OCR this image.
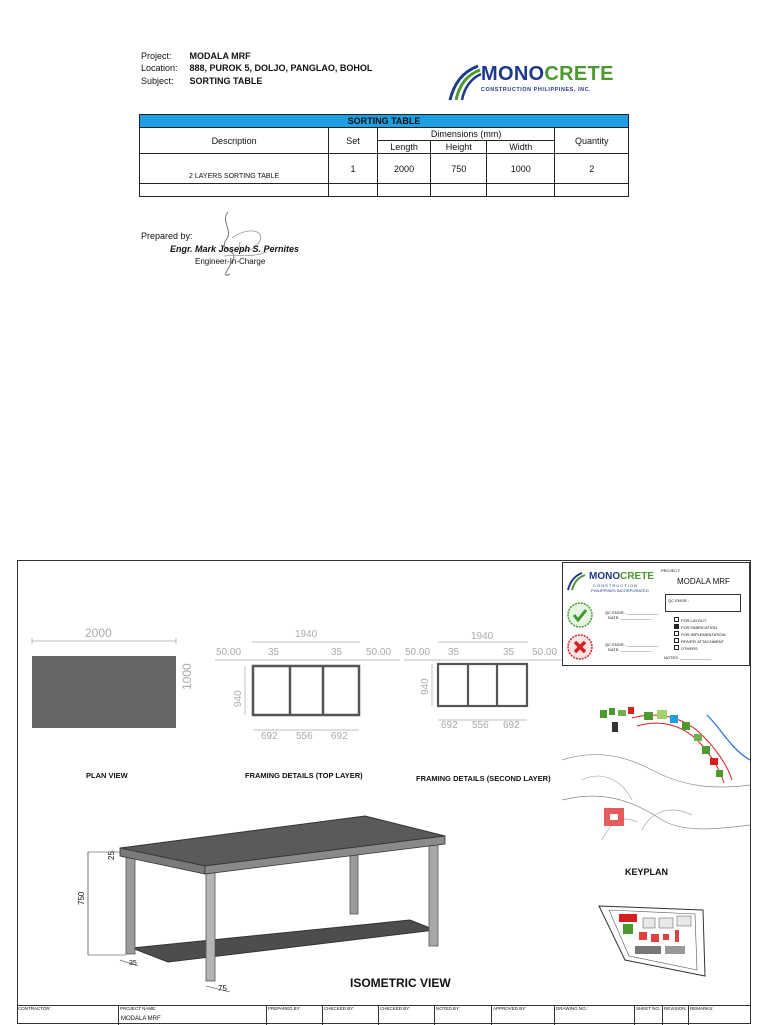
Project: MODALA MRF
Location: 888, PUROK 5, DOLJO, PANGLAO, BOHOL
Subject: SORTING TABLE	MONOCRETE
CONSTRUCTION PHILIPPINES, INC.
SORTING TABLE					
Description	Set	Dimensions (mm)			Quantity
		Length	Height	Width	
2 LAYERS SORTING TABLE	1	2000	750	1000	2

Prepared by:
Engr. Mark Joseph S. Pernites
Engineer-In-Charge
2000
1000
PLAN VIEW
1940
50.00	35	35 50.00
940
692 556 692
FRAMING DETAILS (TOP LAYER)
1940
50.00 35	35 50.00
940
692 556 692
FRAMING DETAILS (SECOND LAYER)
750
25
35
75	ISOMETRIC VIEW
MONOCRETE
C O N S T R U C T I O N
PHILIPPINES INCORPORATED
PROJECT:
MODALA MRF
QC ENGR.:
QC ENGR.: ______________
DATE: ______________
QC ENGR.: ______________
DATE: ______________
FOR LAYOUT
FOR FABRICATION
FOR IMPLEMENTATION
RFA/RFI ATTACHMENT
OTHERS
NOTES: ______________
KEYPLAN
CONTRACTOR:	PROJECT NAME:
MODALA MRF
PREPARED BY:	CHECKED BY:	CHECKED BY:	NOTED BY:	APPROVED BY:	DRAWING NO.:	SHEET NO.: REVISION: REMARKS:
